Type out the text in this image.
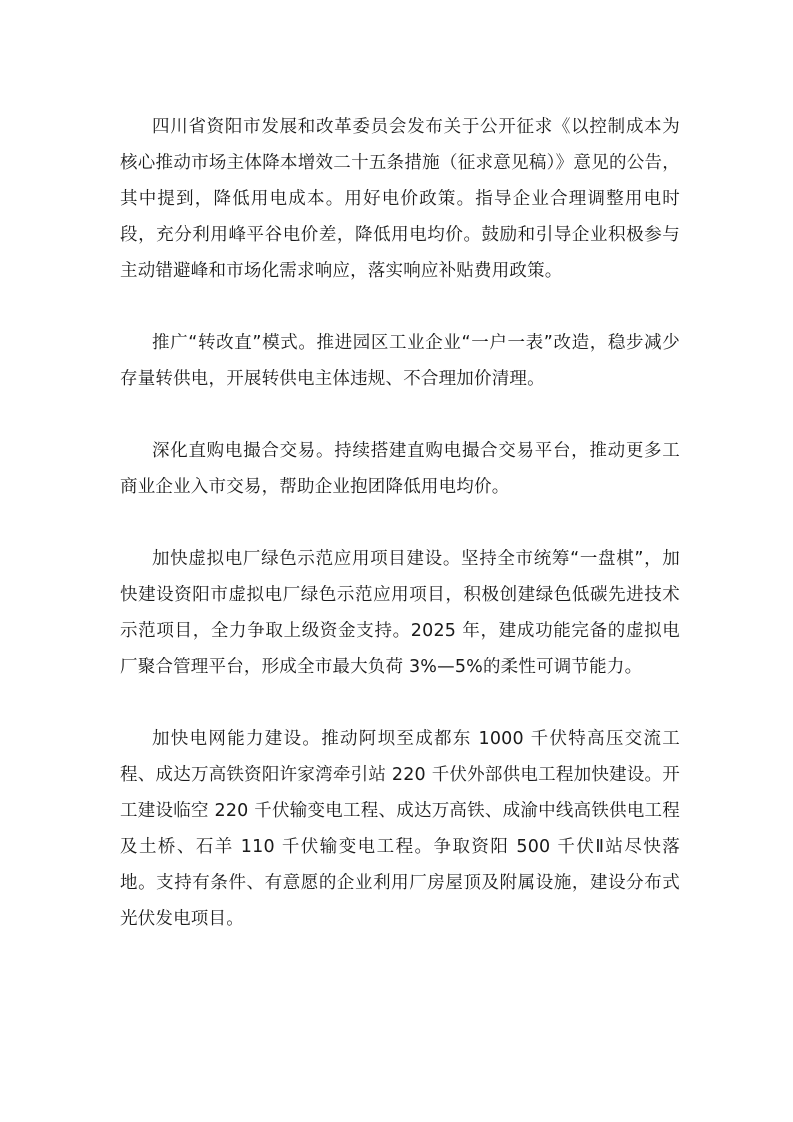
四川省资阳市发展和改革委员会发布关于公开征求《以控制成本为核心推动市场主体降本增效二十五条措施（征求意见稿）》意见的公告，其中提到，降低用电成本。用好电价政策。指导企业合理调整用电时段，充分利用峰平谷电价差，降低用电均价。鼓励和引导企业积极参与主动错避峰和市场化需求响应，落实响应补贴费用政策。

推广“转改直”模式。推进园区工业企业“一户一表”改造，稳步减少存量转供电，开展转供电主体违规、不合理加价清理。

深化直购电撮合交易。持续搭建直购电撮合交易平台，推动更多工商业企业入市交易，帮助企业抱团降低用电均价。

加快虚拟电厂绿色示范应用项目建设。坚持全市统筹“一盘棋”，加快建设资阳市虚拟电厂绿色示范应用项目，积极创建绿色低碳先进技术示范项目，全力争取上级资金支持。2025 年，建成功能完备的虚拟电厂聚合管理平台，形成全市最大负荷 3%—5%的柔性可调节能力。

加快电网能力建设。推动阿坝至成都东 1000 千伏特高压交流工程、成达万高铁资阳许家湾牵引站 220 千伏外部供电工程加快建设。开工建设临空 220 千伏输变电工程、成达万高铁、成渝中线高铁供电工程及土桥、石羊 110 千伏输变电工程。争取资阳 500 千伏Ⅱ站尽快落地。支持有条件、有意愿的企业利用厂房屋顶及附属设施，建设分布式光伏发电项目。
